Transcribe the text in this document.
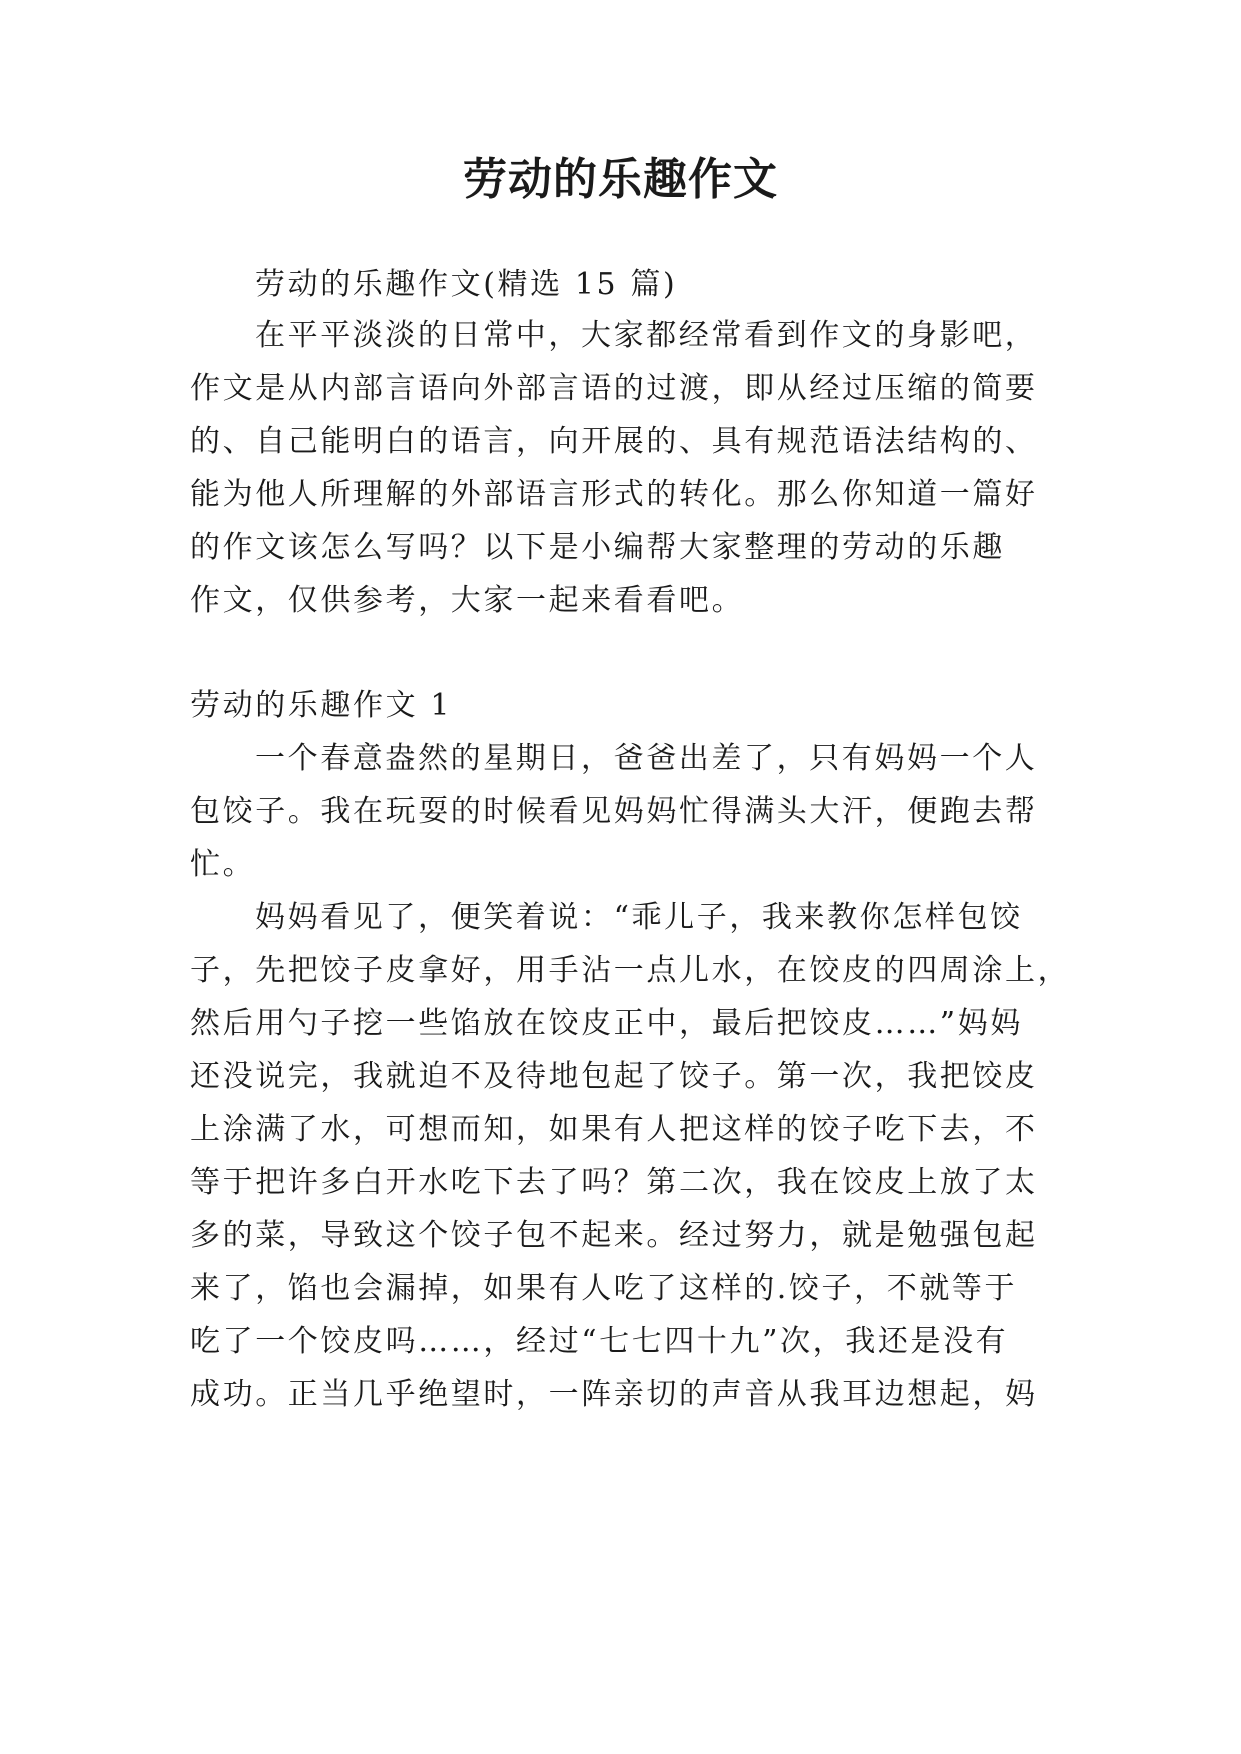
劳动的乐趣作文
劳动的乐趣作文(精选 15 篇)
在平平淡淡的日常中，大家都经常看到作文的身影吧，
作文是从内部言语向外部言语的过渡，即从经过压缩的简要
的、自己能明白的语言，向开展的、具有规范语法结构的、
能为他人所理解的外部语言形式的转化。那么你知道一篇好
的作文该怎么写吗？以下是小编帮大家整理的劳动的乐趣
作文，仅供参考，大家一起来看看吧。
劳动的乐趣作文 1
一个春意盎然的星期日，爸爸出差了，只有妈妈一个人
包饺子。我在玩耍的时候看见妈妈忙得满头大汗，便跑去帮
忙。
妈妈看见了，便笑着说：“乖儿子，我来教你怎样包饺
子，先把饺子皮拿好，用手沾一点儿水，在饺皮的四周涂上，
然后用勺子挖一些馅放在饺皮正中，最后把饺皮……”妈妈
还没说完，我就迫不及待地包起了饺子。第一次，我把饺皮
上涂满了水，可想而知，如果有人把这样的饺子吃下去，不
等于把许多白开水吃下去了吗？第二次，我在饺皮上放了太
多的菜，导致这个饺子包不起来。经过努力，就是勉强包起
来了，馅也会漏掉，如果有人吃了这样的.饺子，不就等于
吃了一个饺皮吗……，经过“七七四十九”次，我还是没有
成功。正当几乎绝望时，一阵亲切的声音从我耳边想起，妈
